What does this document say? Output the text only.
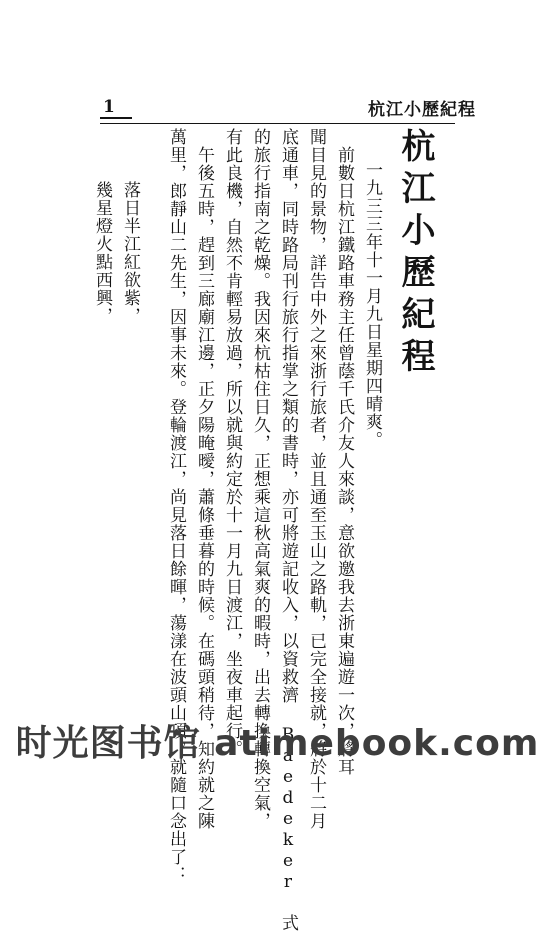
1	杭江小歷紀程
杭江小歷紀程
一九三三年十一月九日星期四晴爽。
前數日杭江鐵路車務主任曾蔭千氏介友人來談，意欲邀我去浙東遍遊一次，將耳
聞目見的景物，詳告中外之來浙行旅者，並且通至玉山之路軌，已完全接就，將於十二月
底通車，同時路局刊行旅行指掌之類的書時，亦可將遊記收入，以資救濟 Baedeker 式
的旅行指南之乾燥。我因來杭枯住日久，正想乘這秋高氣爽的暇時，出去轉換轉換空氣，
有此良機，自然不肯輕易放過，所以就與約定於十一月九日渡江，坐夜車起行。
午後五時，趕到三廊廟江邊，正夕陽晻曖，蕭條垂暮的時候。在碼頭稍待，知約就之陳
萬里，郎靜山二先生，因事未來。登輪渡江，尚見落日餘暉，蕩漾在波頭山頂，就隨口念出了：
落日半江紅欲紫，
幾星燈火點西興，
时光图书馆 atimebook.com
